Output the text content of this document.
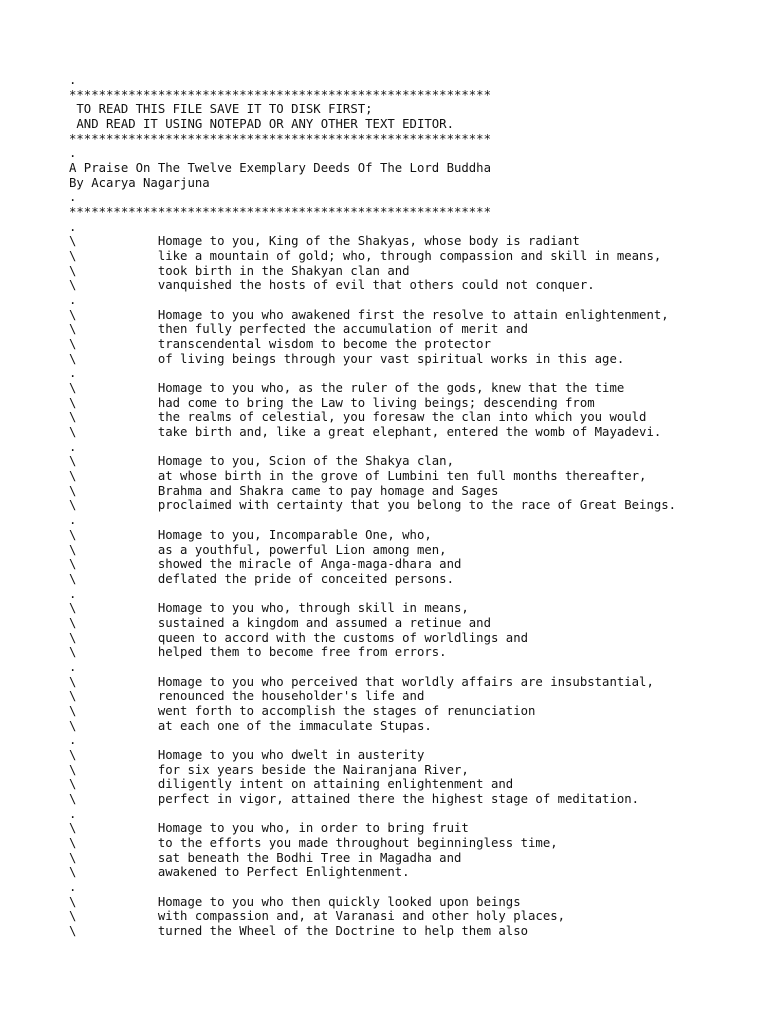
.
*********************************************************
TO READ THIS FILE SAVE IT TO DISK FIRST;
AND READ IT USING NOTEPAD OR ANY OTHER TEXT EDITOR.
*********************************************************
.
A Praise On The Twelve Exemplary Deeds Of The Lord Buddha
By Acarya Nagarjuna
.
*********************************************************
.
\           Homage to you, King of the Shakyas, whose body is radiant
\           like a mountain of gold; who, through compassion and skill in means,
\           took birth in the Shakyan clan and
\           vanquished the hosts of evil that others could not conquer.
.
\           Homage to you who awakened first the resolve to attain enlightenment,
\           then fully perfected the accumulation of merit and
\           transcendental wisdom to become the protector
\           of living beings through your vast spiritual works in this age.
.
\           Homage to you who, as the ruler of the gods, knew that the time
\           had come to bring the Law to living beings; descending from
\           the realms of celestial, you foresaw the clan into which you would
\           take birth and, like a great elephant, entered the womb of Mayadevi.
.
\           Homage to you, Scion of the Shakya clan,
\           at whose birth in the grove of Lumbini ten full months thereafter,
\           Brahma and Shakra came to pay homage and Sages
\           proclaimed with certainty that you belong to the race of Great Beings.
.
\           Homage to you, Incomparable One, who,
\           as a youthful, powerful Lion among men,
\           showed the miracle of Anga-maga-dhara and
\           deflated the pride of conceited persons.
.
\           Homage to you who, through skill in means,
\           sustained a kingdom and assumed a retinue and
\           queen to accord with the customs of worldlings and
\           helped them to become free from errors.
.
\           Homage to you who perceived that worldly affairs are insubstantial,
\           renounced the householder's life and
\           went forth to accomplish the stages of renunciation
\           at each one of the immaculate Stupas.
.
\           Homage to you who dwelt in austerity
\           for six years beside the Nairanjana River,
\           diligently intent on attaining enlightenment and
\           perfect in vigor, attained there the highest stage of meditation.
.
\           Homage to you who, in order to bring fruit
\           to the efforts you made throughout beginningless time,
\           sat beneath the Bodhi Tree in Magadha and
\           awakened to Perfect Enlightenment.
.
\           Homage to you who then quickly looked upon beings
\           with compassion and, at Varanasi and other holy places,
\           turned the Wheel of the Doctrine to help them also
